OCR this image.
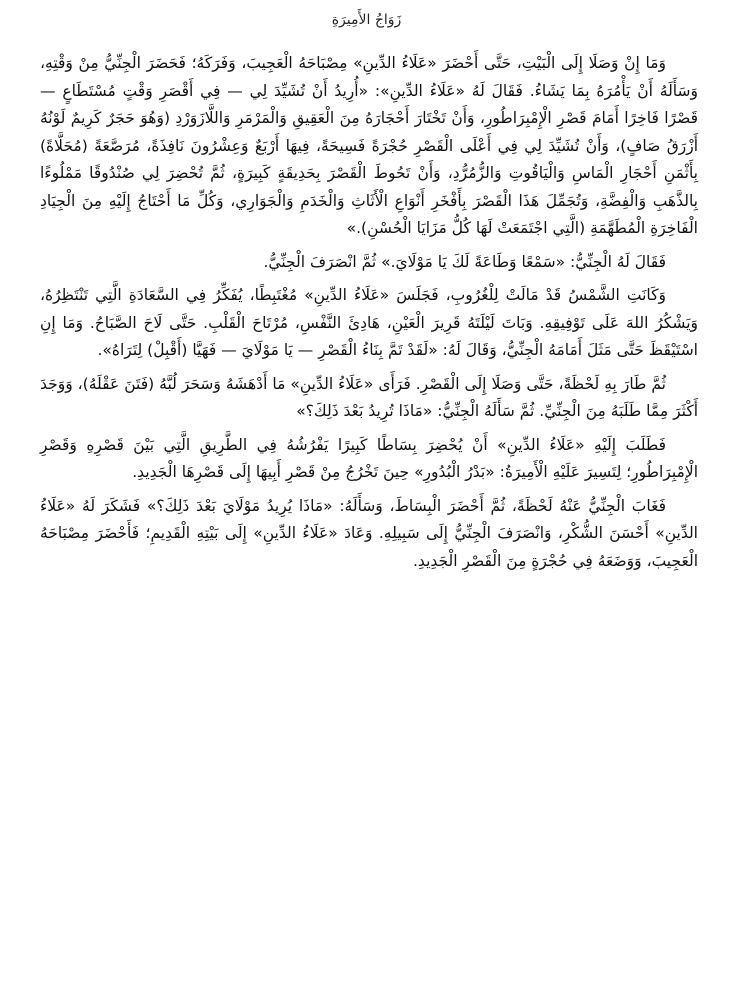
زَوَاجُ الأَمِيرَةِ

وَمَا إِنْ وَصَلَا إِلَى الْبَيْتِ، حَتَّى أَحْضَرَ «عَلَاءُ الدِّينِ» مِصْبَاحَهُ الْعَجِيبَ، وَفَرَكَهُ؛ فَحَضَرَ الْجِنِّيُّ مِنْ وَقْتِهِ، وَسَأَلَهُ أَنْ يَأْمُرَهُ بِمَا يَشَاءُ. فَقَالَ لَهُ «عَلَاءُ الدِّينِ»: «أُرِيدُ أَنْ تُشَيِّدَ لِي — فِي أَقْصَرِ وَقْتٍ مُسْتَطَاعٍ — قَصْرًا فَاخِرًا أَمَامَ قَصْرِ الْإِمْبِرَاطُورِ، وَأَنْ تَخْتَارَ أَحْجَارَهُ مِنَ الْعَقِيقِ وَالْمَرْمَرِ وَاللَّازَوَرْدِ (وَهُوَ حَجَرٌ كَرِيمٌ لَوْنُهُ أَزْرَقُ صَافٍ)، وَأَنْ تُشَيِّدَ لِي فِي أَعْلَى الْقَصْرِ حُجْرَةً فَسِيحَةً، فِيهَا أَرْبَعٌ وَعِشْرُونَ نَافِذَةً، مُرَصَّعَةً (مُحَلَّاةً) بِأَثْمَنِ أَحْجَارِ الْمَاسِ وَالْيَاقُوتِ وَالزُّمُرُّدِ، وَأَنْ تَحُوطَ الْقَصْرَ بِحَدِيقَةٍ كَبِيرَةٍ، ثُمَّ تُحْضِرَ لِي صُنْدُوقًا مَمْلُوءًا بِالذَّهَبِ وَالْفِضَّةِ، وَتُجَمِّلَ هَذَا الْقَصْرَ بِأَفْخَرِ أَنْوَاعِ الْأَثَاثِ وَالْخَدَمِ وَالْجَوَارِي، وَكُلِّ مَا أَحْتَاجُ إِلَيْهِ مِنَ الْجِيَادِ الْفَاخِرَةِ الْمُطَهَّمَةِ (الَّتِي اجْتَمَعَتْ لَهَا كُلُّ مَزَايَا الْحُسْنِ).»

فَقَالَ لَهُ الْجِنِّيُّ: «سَمْعًا وَطَاعَةً لَكَ يَا مَوْلَايَ.» ثُمَّ انْصَرَفَ الْجِنِّيُّ.

وَكَانَتِ الشَّمْسُ قَدْ مَالَتْ لِلْغُرُوبِ، فَجَلَسَ «عَلَاءُ الدِّينِ» مُغْتَبِطًا، يُفَكِّرُ فِي السَّعَادَةِ الَّتِي تَنْتَظِرُهُ، وَيَشْكُرُ اللهَ عَلَى تَوْفِيقِهِ. وَبَاتَ لَيْلَتَهُ قَرِيرَ الْعَيْنِ، هَادِئَ النَّفْسِ، مُرْتَاحَ الْقَلْبِ. حَتَّى لَاحَ الصَّبَاحُ. وَمَا إِنِ اسْتَيْقَظَ حَتَّى مَثَلَ أَمَامَهُ الْجِنِّيُّ، وَقَالَ لَهُ: «لَقَدْ تَمَّ بِنَاءُ الْقَصْرِ — يَا مَوْلَايَ — فَهَيَّا (أَقْبِلْ) لِتَرَاهُ».

ثُمَّ طَارَ بِهِ لَحْظَةً، حَتَّى وَصَلَا إِلَى الْقَصْرِ. فَرَأَى «عَلَاءُ الدِّينِ» مَا أَدْهَشَهُ وَسَحَرَ لُبَّهُ (فَتَنَ عَقْلَهُ)، وَوَجَدَ أَكْثَرَ مِمَّا طَلَبَهُ مِنَ الْجِنِّيِّ. ثُمَّ سَأَلَهُ الْجِنِّيُّ: «مَاذَا تُرِيدُ بَعْدَ ذَلِكَ؟»

فَطَلَبَ إِلَيْهِ «عَلَاءُ الدِّينِ» أَنْ يُحْضِرَ بِسَاطًا كَبِيرًا يَفْرُشُهُ فِي الطَّرِيقِ الَّتِي بَيْنَ قَصْرِهِ وَقَصْرِ الْإِمْبِرَاطُورِ؛ لِتَسِيرَ عَلَيْهِ الْأَمِيرَةُ: «بَدْرُ الْبُدُورِ» حِينَ تَخْرُجُ مِنْ قَصْرِ أَبِيهَا إِلَى قَصْرِهَا الْجَدِيدِ.

فَغَابَ الْجِنِّيُّ عَنْهُ لَحْظَةً، ثُمَّ أَحْضَرَ الْبِسَاطَ، وَسَأَلَهُ: «مَاذَا يُرِيدُ مَوْلَايَ بَعْدَ ذَلِكَ؟» فَشَكَرَ لَهُ «عَلَاءُ الدِّينِ» أَحْسَنَ الشُّكْرِ، وَانْصَرَفَ الْجِنِّيُّ إِلَى سَبِيلِهِ. وَعَادَ «عَلَاءُ الدِّينِ» إِلَى بَيْتِهِ الْقَدِيمِ؛ فَأَحْضَرَ مِصْبَاحَهُ الْعَجِيبَ، وَوَضَعَهُ فِي حُجْرَةٍ مِنَ الْقَصْرِ الْجَدِيدِ.
